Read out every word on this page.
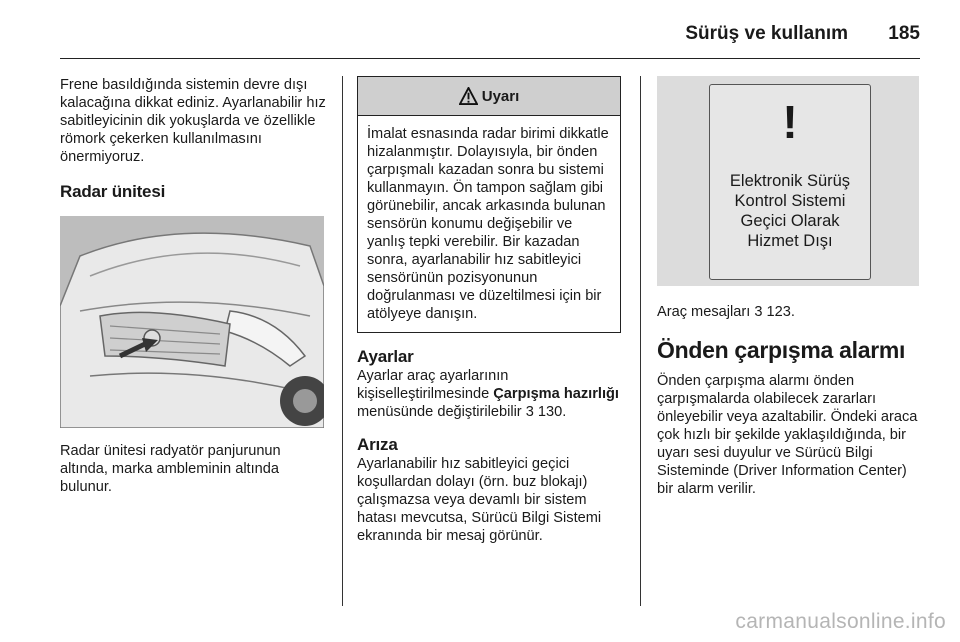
Sürüş ve kullanım 185

Frene basıldığında sistemin devre dışı kalacağına dikkat ediniz. Ayarlanabilir hız sabitleyicinin dik yokuşlarda ve özellikle römork çekerken kullanılmasını önermiyoruz.

Radar ünitesi

Radar ünitesi radyatör panjurunun altında, marka ambleminin altında bulunur.

Uyarı

İmalat esnasında radar birimi dikkatle hizalanmıştır. Dolayısıyla, bir önden çarpışmalı kazadan sonra bu sistemi kullanmayın. Ön tampon sağlam gibi görünebilir, ancak arkasında bulunan sensörün konumu değişebilir ve yanlış tepki verebilir. Bir kazadan sonra, ayarlanabilir hız sabitleyici sensörünün pozisyonunun doğrulanması ve düzeltilmesi için bir atölyeye danışın.

Ayarlar

Ayarlar araç ayarlarının kişiselleştirilmesinde Çarpışma hazırlığı menüsünde değiştirilebilir 3 130.

Arıza

Ayarlanabilir hız sabitleyici geçici koşullardan dolayı (örn. buz blokajı) çalışmazsa veya devamlı bir sistem hatası mevcutsa, Sürücü Bilgi Sistemi ekranında bir mesaj görünür.

!
Elektronik Sürüş
Kontrol Sistemi
Geçici Olarak
Hizmet Dışı

Araç mesajları 3 123.

Önden çarpışma alarmı

Önden çarpışma alarmı önden çarpışmalarda olabilecek zararları önleyebilir veya azaltabilir. Öndeki araca çok hızlı bir şekilde yaklaşıldığında, bir uyarı sesi duyulur ve Sürücü Bilgi Sisteminde (Driver Information Center) bir alarm verilir.

carmanualsonline.info
